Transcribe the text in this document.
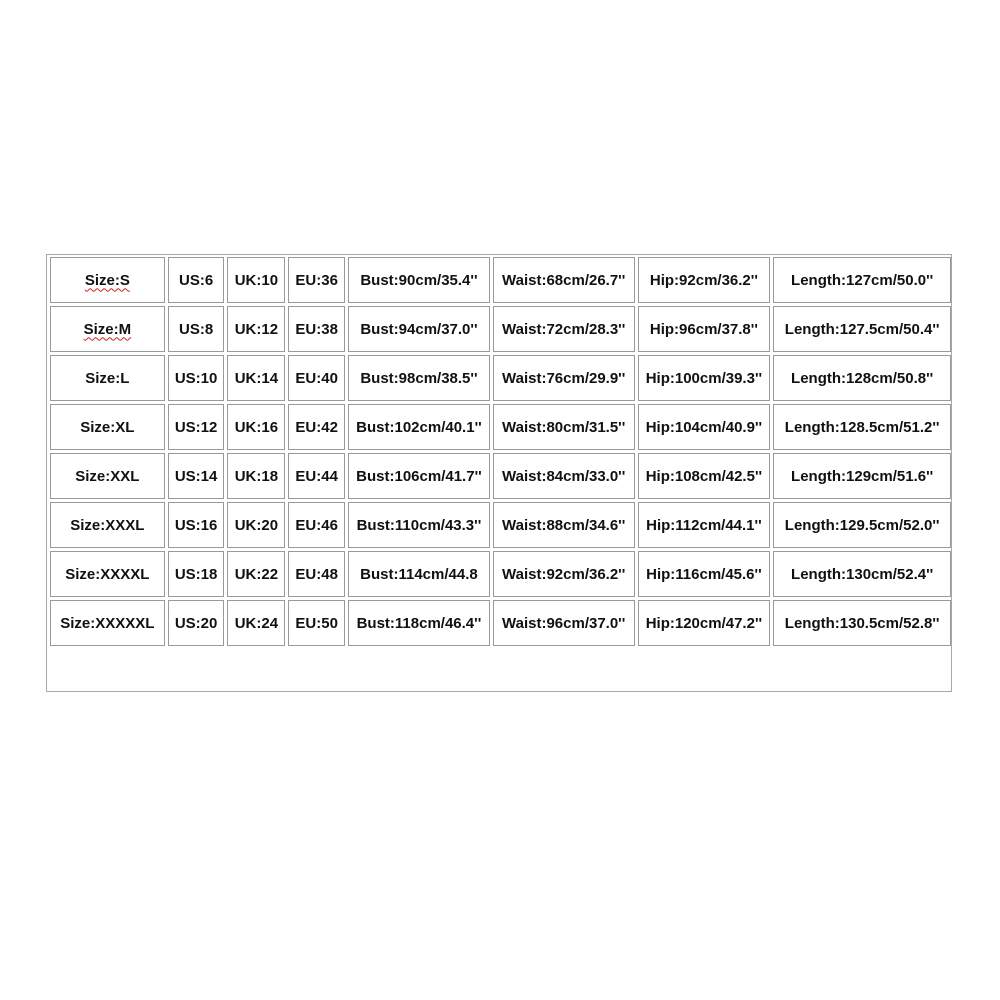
Size:S	US:6	UK:10	EU:36	Bust:90cm/35.4''	Waist:68cm/26.7''	Hip:92cm/36.2''	Length:127cm/50.0''
Size:M	US:8	UK:12	EU:38	Bust:94cm/37.0''	Waist:72cm/28.3''	Hip:96cm/37.8''	Length:127.5cm/50.4''
Size:L	US:10	UK:14	EU:40	Bust:98cm/38.5''	Waist:76cm/29.9''	Hip:100cm/39.3''	Length:128cm/50.8''
Size:XL	US:12	UK:16	EU:42	Bust:102cm/40.1''	Waist:80cm/31.5''	Hip:104cm/40.9''	Length:128.5cm/51.2''
Size:XXL	US:14	UK:18	EU:44	Bust:106cm/41.7''	Waist:84cm/33.0''	Hip:108cm/42.5''	Length:129cm/51.6''
Size:XXXL	US:16	UK:20	EU:46	Bust:110cm/43.3''	Waist:88cm/34.6''	Hip:112cm/44.1''	Length:129.5cm/52.0''
Size:XXXXL	US:18	UK:22	EU:48	Bust:114cm/44.8	Waist:92cm/36.2''	Hip:116cm/45.6''	Length:130cm/52.4''
Size:XXXXXL	US:20	UK:24	EU:50	Bust:118cm/46.4''	Waist:96cm/37.0''	Hip:120cm/47.2''	Length:130.5cm/52.8''
